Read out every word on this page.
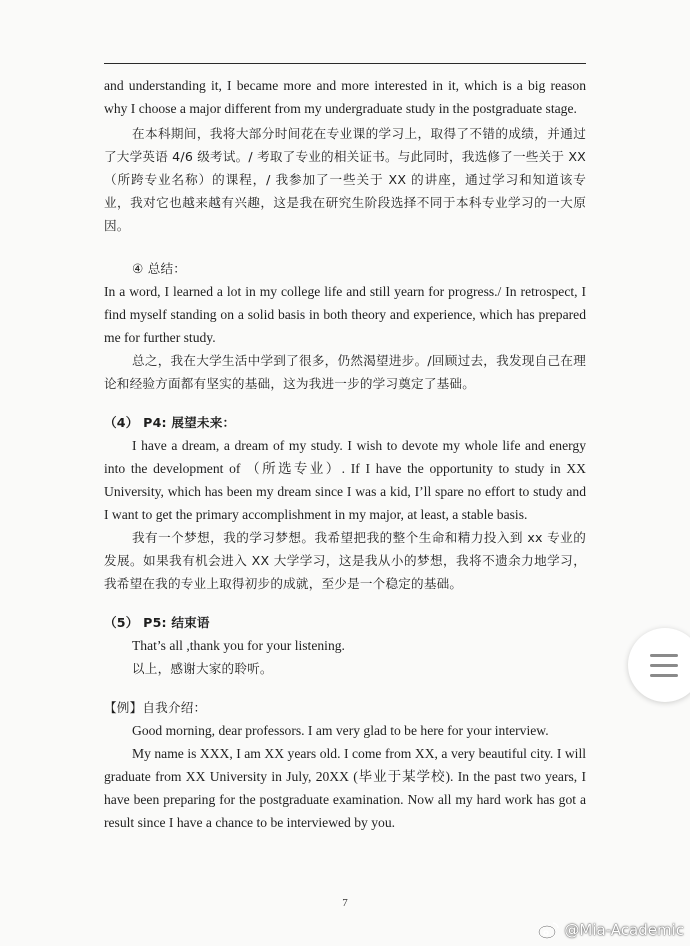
and understanding it, I became more and more interested in it, which is a big reason why I choose a major different from my undergraduate study in the postgraduate stage.

在本科期间，我将大部分时间花在专业课的学习上，取得了不错的成绩，并通过了大学英语 4/6 级考试。/ 考取了专业的相关证书。与此同时，我选修了一些关于 XX（所跨专业名称）的课程，/ 我参加了一些关于 XX 的讲座，通过学习和知道该专业，我对它也越来越有兴趣，这是我在研究生阶段选择不同于本科专业学习的一大原因。

④ 总结：

In a word, I learned a lot in my college life and still yearn for progress./ In retrospect, I find myself standing on a solid basis in both theory and experience, which has prepared me for further study.

总之，我在大学生活中学到了很多，仍然渴望进步。/回顾过去，我发现自己在理论和经验方面都有坚实的基础，这为我进一步的学习奠定了基础。

（4） P4: 展望未来：

I have a dream, a dream of my study. I wish to devote my whole life and energy into the development of （所选专业）. If I have the opportunity to study in XX University, which has been my dream since I was a kid, I’ll spare no effort to study and I want to get the primary accomplishment in my major, at least, a stable basis.

我有一个梦想，我的学习梦想。我希望把我的整个生命和精力投入到 xx 专业的发展。如果我有机会进入 XX 大学学习，这是我从小的梦想，我将不遗余力地学习，我希望在我的专业上取得初步的成就，至少是一个稳定的基础。

（5） P5: 结束语

That’s all ,thank you for your listening.

以上，感谢大家的聆听。

【例】自我介绍：

Good morning, dear professors. I am very glad to be here for your interview.

My name is XXX, I am XX years old. I come from XX, a very beautiful city. I will graduate from XX University in July, 20XX (毕业于某学校). In the past two years, I have been preparing for the postgraduate examination. Now all my hard work has got a result since I have a chance to be interviewed by you.

7
@Mia-Academic
